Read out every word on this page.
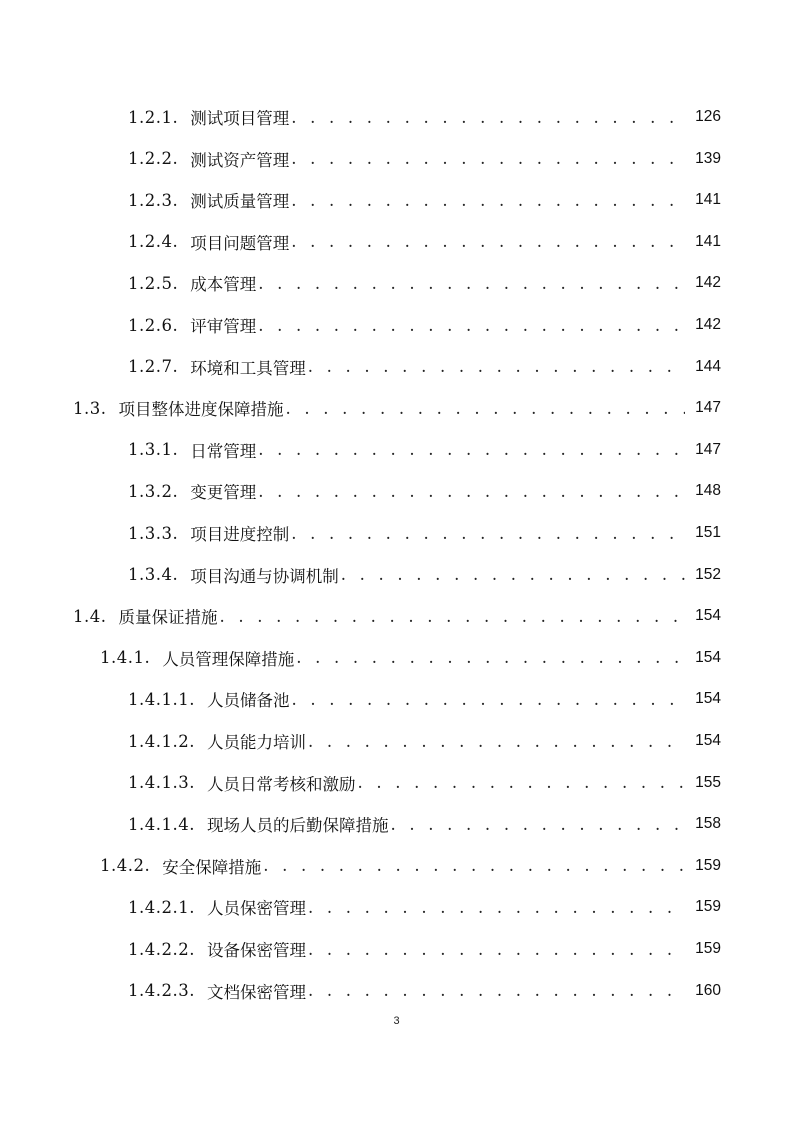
1.2.1. 测试项目管理 . . .	126
1.2.2. 测试资产管理 . . .	139
1.2.3. 测试质量管理 . . .	141
1.2.4. 项目问题管理 . . .	141
1.2.5. 成本管理 . . .	142
1.2.6. 评审管理 . . .	142
1.2.7. 环境和工具管理 . . .	144
1.3. 项目整体进度保障措施 . . .	147
1.3.1. 日常管理 . . .	147
1.3.2. 变更管理 . . .	148
1.3.3. 项目进度控制 . . .	151
1.3.4. 项目沟通与协调机制 . . .	152
1.4. 质量保证措施 . . .	154
1.4.1. 人员管理保障措施 . . .	154
1.4.1.1. 人员储备池 . . .	154
1.4.1.2. 人员能力培训 . . .	154
1.4.1.3. 人员日常考核和激励 . . .	155
1.4.1.4. 现场人员的后勤保障措施 . . .	158
1.4.2. 安全保障措施 . . .	159
1.4.2.1. 人员保密管理 . . .	159
1.4.2.2. 设备保密管理 . . .	159
1.4.2.3. 文档保密管理 . . .	160
3
